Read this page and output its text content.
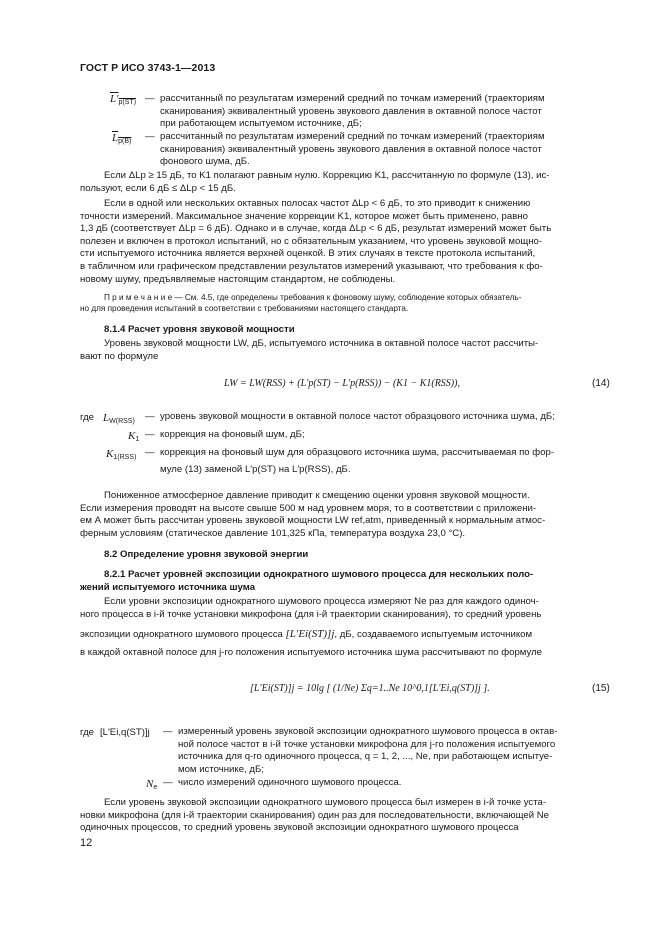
ГОСТ Р ИСО 3743-1—2013
$L'_{p(ST)}$ — рассчитанный по результатам измерений средний по точкам измерений (траекториям
сканирования) эквивалентный уровень звукового давления в октавной полосе частот
при работающем испытуемом источнике, дБ;
$L_{p(B)}$ — рассчитанный по результатам измерений средний по точкам измерений (траекториям
сканирования) эквивалентный уровень звукового давления в октавной полосе частот
фонового шума, дБ.
Если ΔLp ≥ 15 дБ, то K1 полагают равным нулю. Коррекцию K1, рассчитанную по формуле (13), ис-
пользуют, если 6 дБ ≤ ΔLp < 15 дБ.
Если в одной или нескольких октавных полосах частот ΔLp < 6 дБ, то это приводит к снижению
точности измерений. Максимальное значение коррекции K1, которое может быть применено, равно
1,3 дБ (соответствует ΔLp = 6 дБ). Однако и в случае, когда ΔLp < 6 дБ, результат измерений может быть
полезен и включен в протокол испытаний, но с обязательным указанием, что уровень звуковой мощно-
сти испытуемого источника является верхней оценкой. В этих случаях в тексте протокола испытаний,
в табличном или графическом представлении результатов измерений указывают, что требования к фо-
новому шуму, предъявляемые настоящим стандартом, не соблюдены.
П р и м е ч а н и е — См. 4.5, где определены требования к фоновому шуму, соблюдение которых обязатель-
но для проведения испытаний в соответствии с требованиями настоящего стандарта.
8.1.4 Расчет уровня звуковой мощности
Уровень звуковой мощности LW, дБ, испытуемого источника в октавной полосе частот рассчиты-
вают по формуле
LW = LW(RSS) + (L′p(ST) − L′p(RSS)) − (K1 − K1(RSS)),	(14)
где $L_{W(RSS)}$ — уровень звуковой мощности в октавной полосе частот образцового источника шума, дБ;
$K_1$ — коррекция на фоновый шум, дБ;
$K_{1(RSS)}$ — коррекция на фоновый шум для образцового источника шума, рассчитываемая по фор-
муле (13) заменой L′p(ST) на L′p(RSS), дБ.
Пониженное атмосферное давление приводит к смещению оценки уровня звуковой мощности.
Если измерения проводят на высоте свыше 500 м над уровнем моря, то в соответствии с приложени-
ем А может быть рассчитан уровень звуковой мощности LW ref,atm, приведенный к нормальным атмос-
ферным условиям (статическое давление 101,325 кПа, температура воздуха 23,0 °С).
8.2 Определение уровня звуковой энергии
8.2.1 Расчет уровней экспозиции однократного шумового процесса для нескольких поло-
жений испытуемого источника шума
Если уровни экспозиции однократного шумового процесса измеряют Ne раз для каждого одиноч-
ного процесса в i-й точке установки микрофона (для i-й траектории сканирования), то средний уровень
экспозиции однократного шумового процесса [L′Ei(ST)]j, дБ, создаваемого испытуемым источником
в каждой октавной полосе для j-го положения испытуемого источника шума рассчитывают по формуле
[L′Ei(ST)]j = 10lg [ (1/Ne) Σq=1..Ne 10^0,1[L′Ei,q(ST)]j ].	(15)
где [L′Ei,q(ST)]j — измеренный уровень звуковой экспозиции однократного шумового процесса в октав-
ной полосе частот в i-й точке установки микрофона для j-го положения испытуемого
источника для q-го одиночного процесса, q = 1, 2, ..., Ne, при работающем испытуе-
мом источнике, дБ;
$N_e$ — число измерений одиночного шумового процесса.
Если уровень звуковой экспозиции однократного шумового процесса был измерен в i-й точке уста-
новки микрофона (для i-й траектории сканирования) один раз для последовательности, включающей Ne
одиночных процессов, то средний уровень звуковой экспозиции однократного шумового процесса
12
